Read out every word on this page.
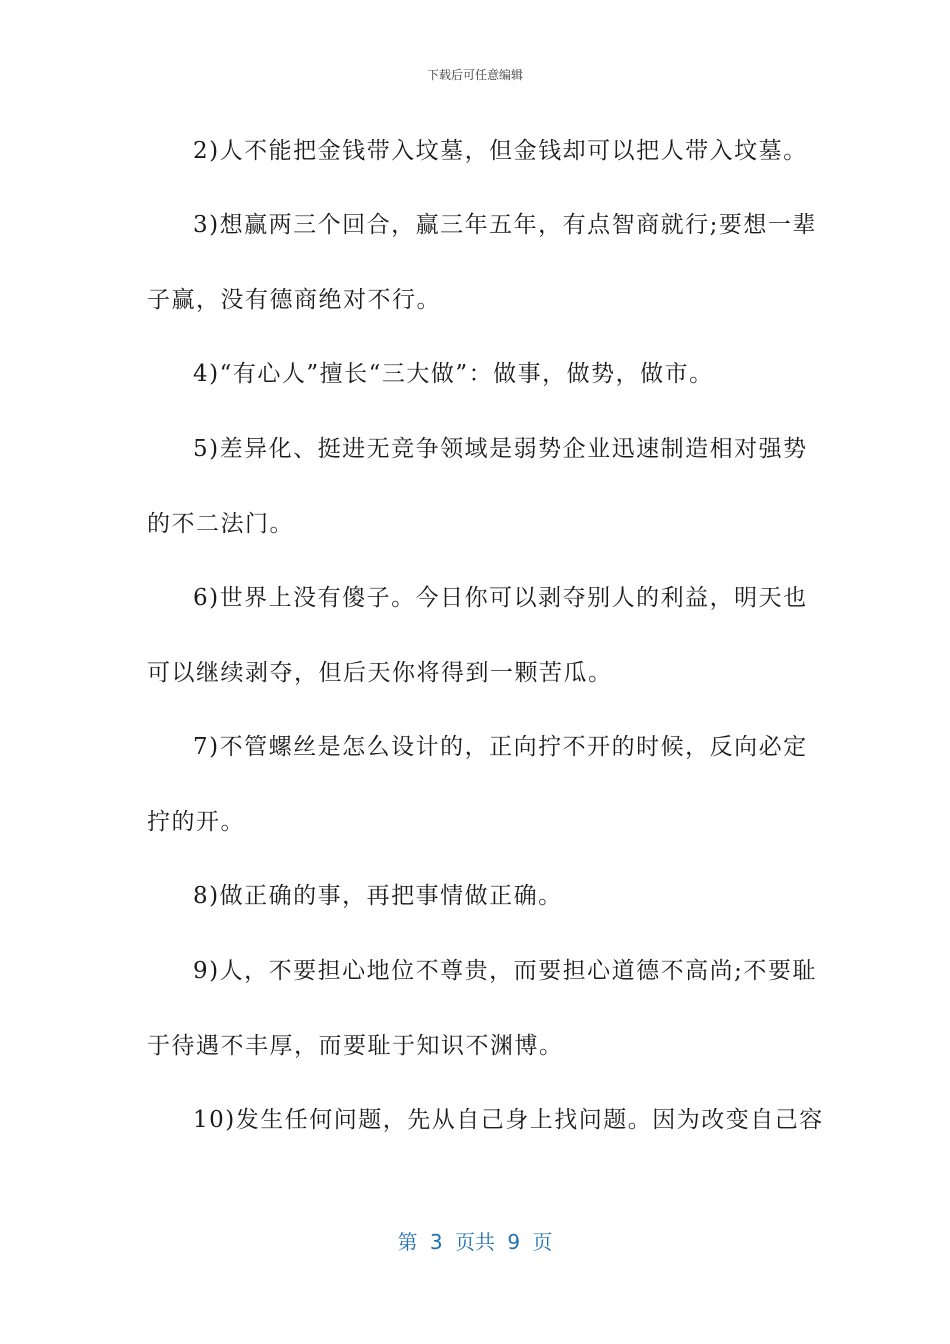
下载后可任意编辑
2)人不能把金钱带入坟墓，但金钱却可以把人带入坟墓。
3)想赢两三个回合，赢三年五年，有点智商就行;要想一辈
子赢，没有德商绝对不行。
4)“有心人”擅长“三大做”：做事，做势，做市。
5)差异化、挺进无竞争领域是弱势企业迅速制造相对强势
的不二法门。
6)世界上没有傻子。今日你可以剥夺别人的利益，明天也
可以继续剥夺，但后天你将得到一颗苦瓜。
7)不管螺丝是怎么设计的，正向拧不开的时候，反向必定
拧的开。
8)做正确的事，再把事情做正确。
9)人，不要担心地位不尊贵，而要担心道德不高尚;不要耻
于待遇不丰厚，而要耻于知识不渊博。
10)发生任何问题，先从自己身上找问题。因为改变自己容
第 3 页共 9 页
